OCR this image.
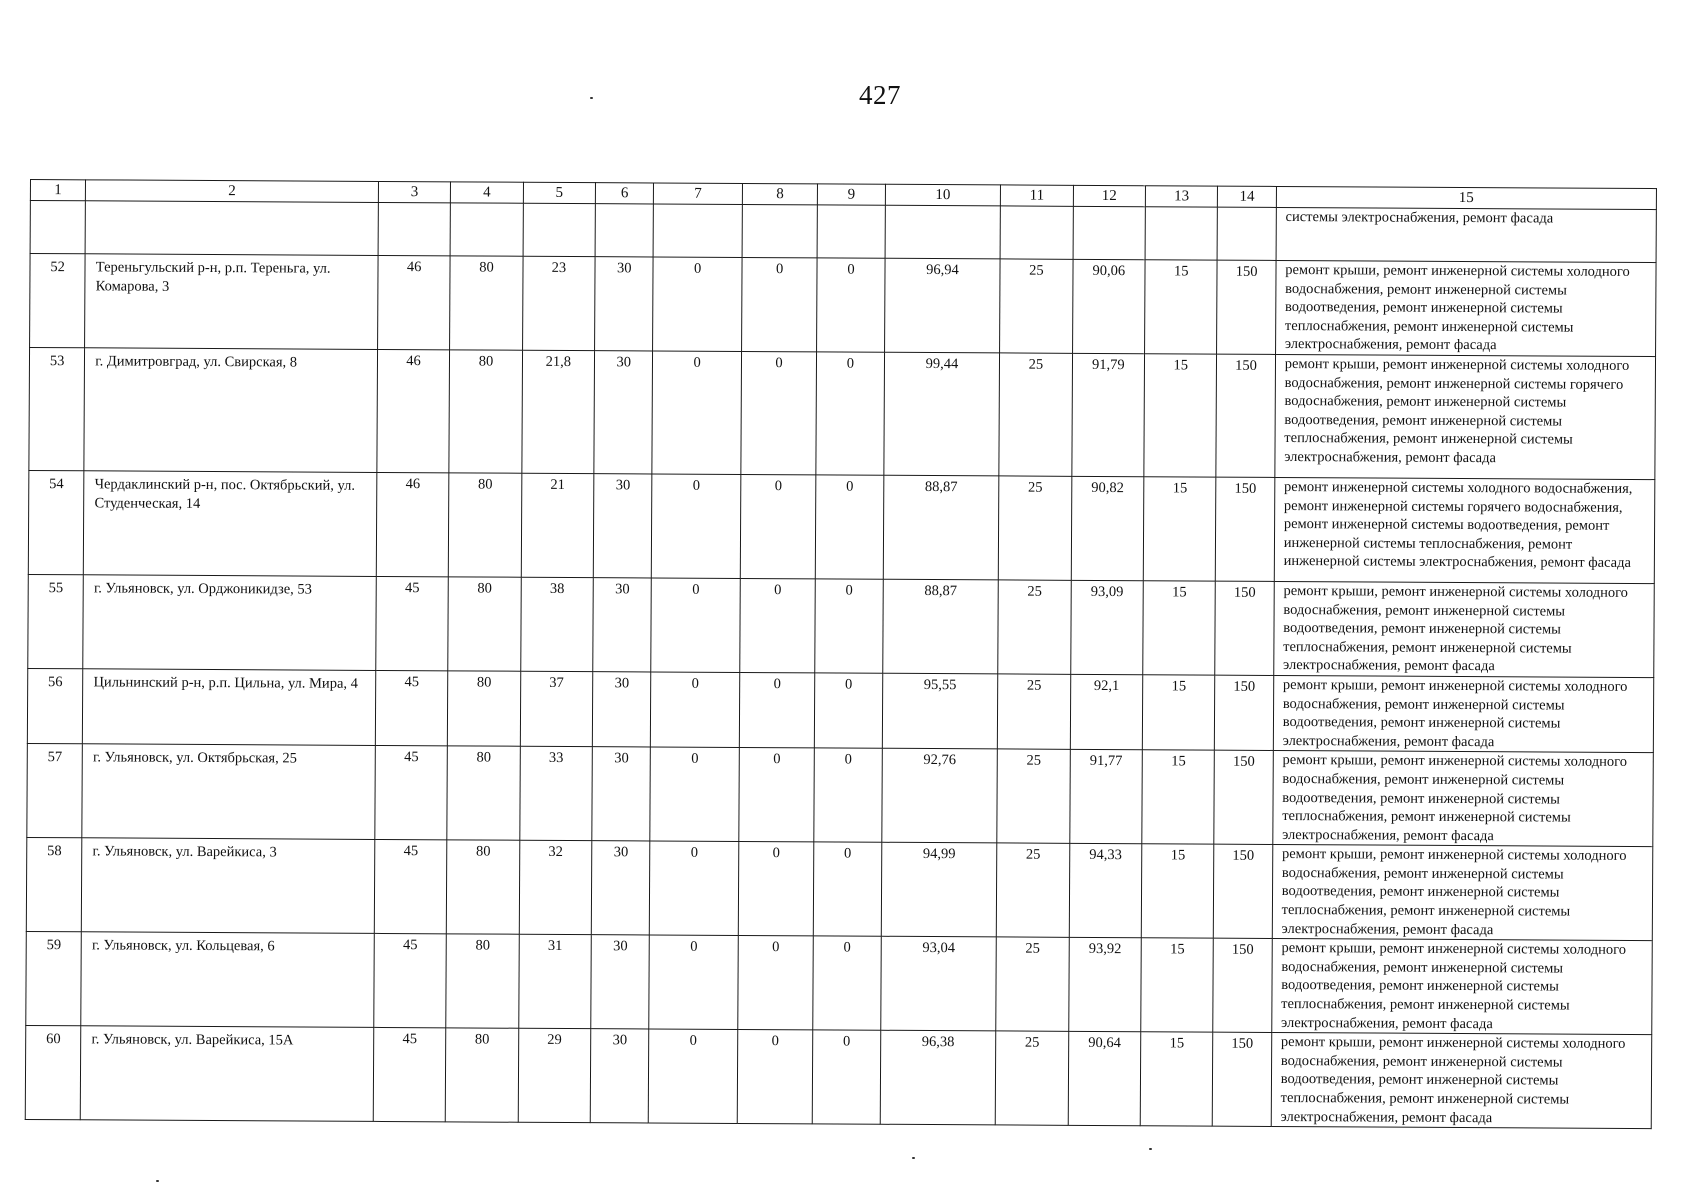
427
1	2	3	4	5	6	7	8	9	10	11	12	13	14	15
														системы электроснабжения, ремонт фасада
52	Тереньгульский р-н, р.п. Тереньга, ул. Комарова, 3	46	80	23	30	0	0	0	96,94	25	90,06	15	150	ремонт крыши, ремонт инженерной системы холодного водоснабжения, ремонт инженерной системы водоотведения, ремонт инженерной системы теплоснабжения, ремонт инженерной системы электроснабжения, ремонт фасада
53	г. Димитровград, ул. Свирская, 8	46	80	21,8	30	0	0	0	99,44	25	91,79	15	150	ремонт крыши, ремонт инженерной системы холодного водоснабжения, ремонт инженерной системы горячего водоснабжения, ремонт инженерной системы водоотведения, ремонт инженерной системы теплоснабжения, ремонт инженерной системы электроснабжения, ремонт фасада
54	Чердаклинский р-н, пос. Октябрьский, ул. Студенческая, 14	46	80	21	30	0	0	0	88,87	25	90,82	15	150	ремонт инженерной системы холодного водоснабжения, ремонт инженерной системы горячего водоснабжения, ремонт инженерной системы водоотведения, ремонт инженерной системы теплоснабжения, ремонт инженерной системы электроснабжения, ремонт фасада
55	г. Ульяновск, ул. Орджоникидзе, 53	45	80	38	30	0	0	0	88,87	25	93,09	15	150	ремонт крыши, ремонт инженерной системы холодного водоснабжения, ремонт инженерной системы водоотведения, ремонт инженерной системы теплоснабжения, ремонт инженерной системы электроснабжения, ремонт фасада
56	Цильнинский р-н, р.п. Цильна, ул. Мира, 4	45	80	37	30	0	0	0	95,55	25	92,1	15	150	ремонт крыши, ремонт инженерной системы холодного водоснабжения, ремонт инженерной системы водоотведения, ремонт инженерной системы электроснабжения, ремонт фасада
57	г. Ульяновск, ул. Октябрьская, 25	45	80	33	30	0	0	0	92,76	25	91,77	15	150	ремонт крыши, ремонт инженерной системы холодного водоснабжения, ремонт инженерной системы водоотведения, ремонт инженерной системы теплоснабжения, ремонт инженерной системы электроснабжения, ремонт фасада
58	г. Ульяновск, ул. Варейкиса, 3	45	80	32	30	0	0	0	94,99	25	94,33	15	150	ремонт крыши, ремонт инженерной системы холодного водоснабжения, ремонт инженерной системы водоотведения, ремонт инженерной системы теплоснабжения, ремонт инженерной системы электроснабжения, ремонт фасада
59	г. Ульяновск, ул. Кольцевая, 6	45	80	31	30	0	0	0	93,04	25	93,92	15	150	ремонт крыши, ремонт инженерной системы холодного водоснабжения, ремонт инженерной системы водоотведения, ремонт инженерной системы теплоснабжения, ремонт инженерной системы электроснабжения, ремонт фасада
60	г. Ульяновск, ул. Варейкиса, 15А	45	80	29	30	0	0	0	96,38	25	90,64	15	150	ремонт крыши, ремонт инженерной системы холодного водоснабжения, ремонт инженерной системы водоотведения, ремонт инженерной системы теплоснабжения, ремонт инженерной системы электроснабжения, ремонт фасада
